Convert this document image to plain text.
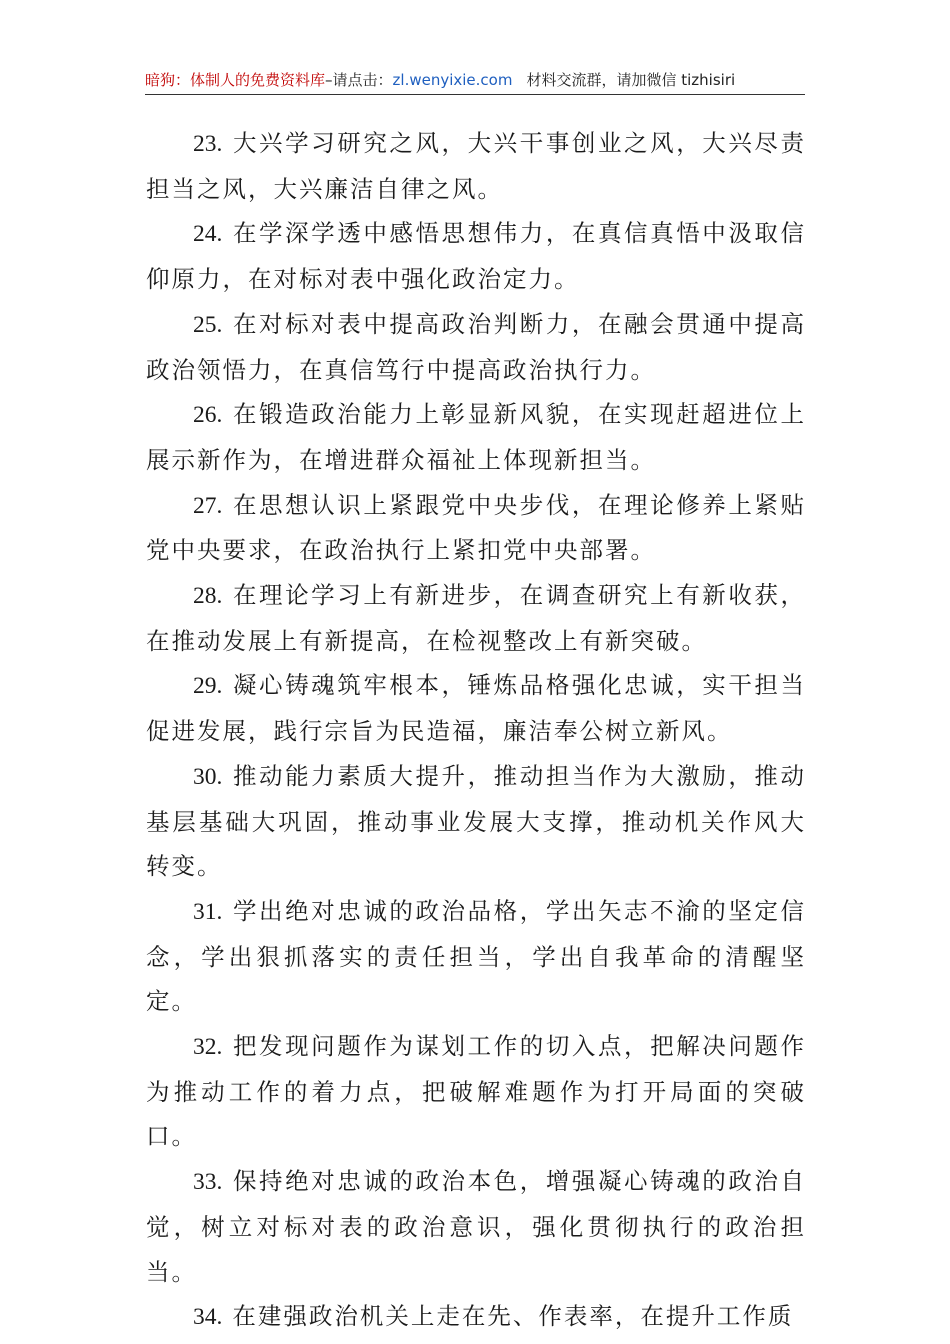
暗狗：体制人的免费资料库–请点击：zl.wenyixie.com 材料交流群，请加微信 tizhisiri

23. 大兴学习研究之风，大兴干事创业之风，大兴尽责担当之风，大兴廉洁自律之风。

24. 在学深学透中感悟思想伟力，在真信真悟中汲取信仰原力，在对标对表中强化政治定力。

25. 在对标对表中提高政治判断力，在融会贯通中提高政治领悟力，在真信笃行中提高政治执行力。

26. 在锻造政治能力上彰显新风貌，在实现赶超进位上展示新作为，在增进群众福祉上体现新担当。

27. 在思想认识上紧跟党中央步伐，在理论修养上紧贴党中央要求，在政治执行上紧扣党中央部署。

28. 在理论学习上有新进步，在调查研究上有新收获，在推动发展上有新提高，在检视整改上有新突破。

29. 凝心铸魂筑牢根本，锤炼品格强化忠诚，实干担当促进发展，践行宗旨为民造福，廉洁奉公树立新风。

30. 推动能力素质大提升，推动担当作为大激励，推动基层基础大巩固，推动事业发展大支撑，推动机关作风大转变。

31. 学出绝对忠诚的政治品格，学出矢志不渝的坚定信念，学出狠抓落实的责任担当，学出自我革命的清醒坚定。

32. 把发现问题作为谋划工作的切入点，把解决问题作为推动工作的着力点，把破解难题作为打开局面的突破口。

33. 保持绝对忠诚的政治本色，增强凝心铸魂的政治自觉，树立对标对表的政治意识，强化贯彻执行的政治担当。

34. 在建强政治机关上走在先、作表率，在提升工作质
